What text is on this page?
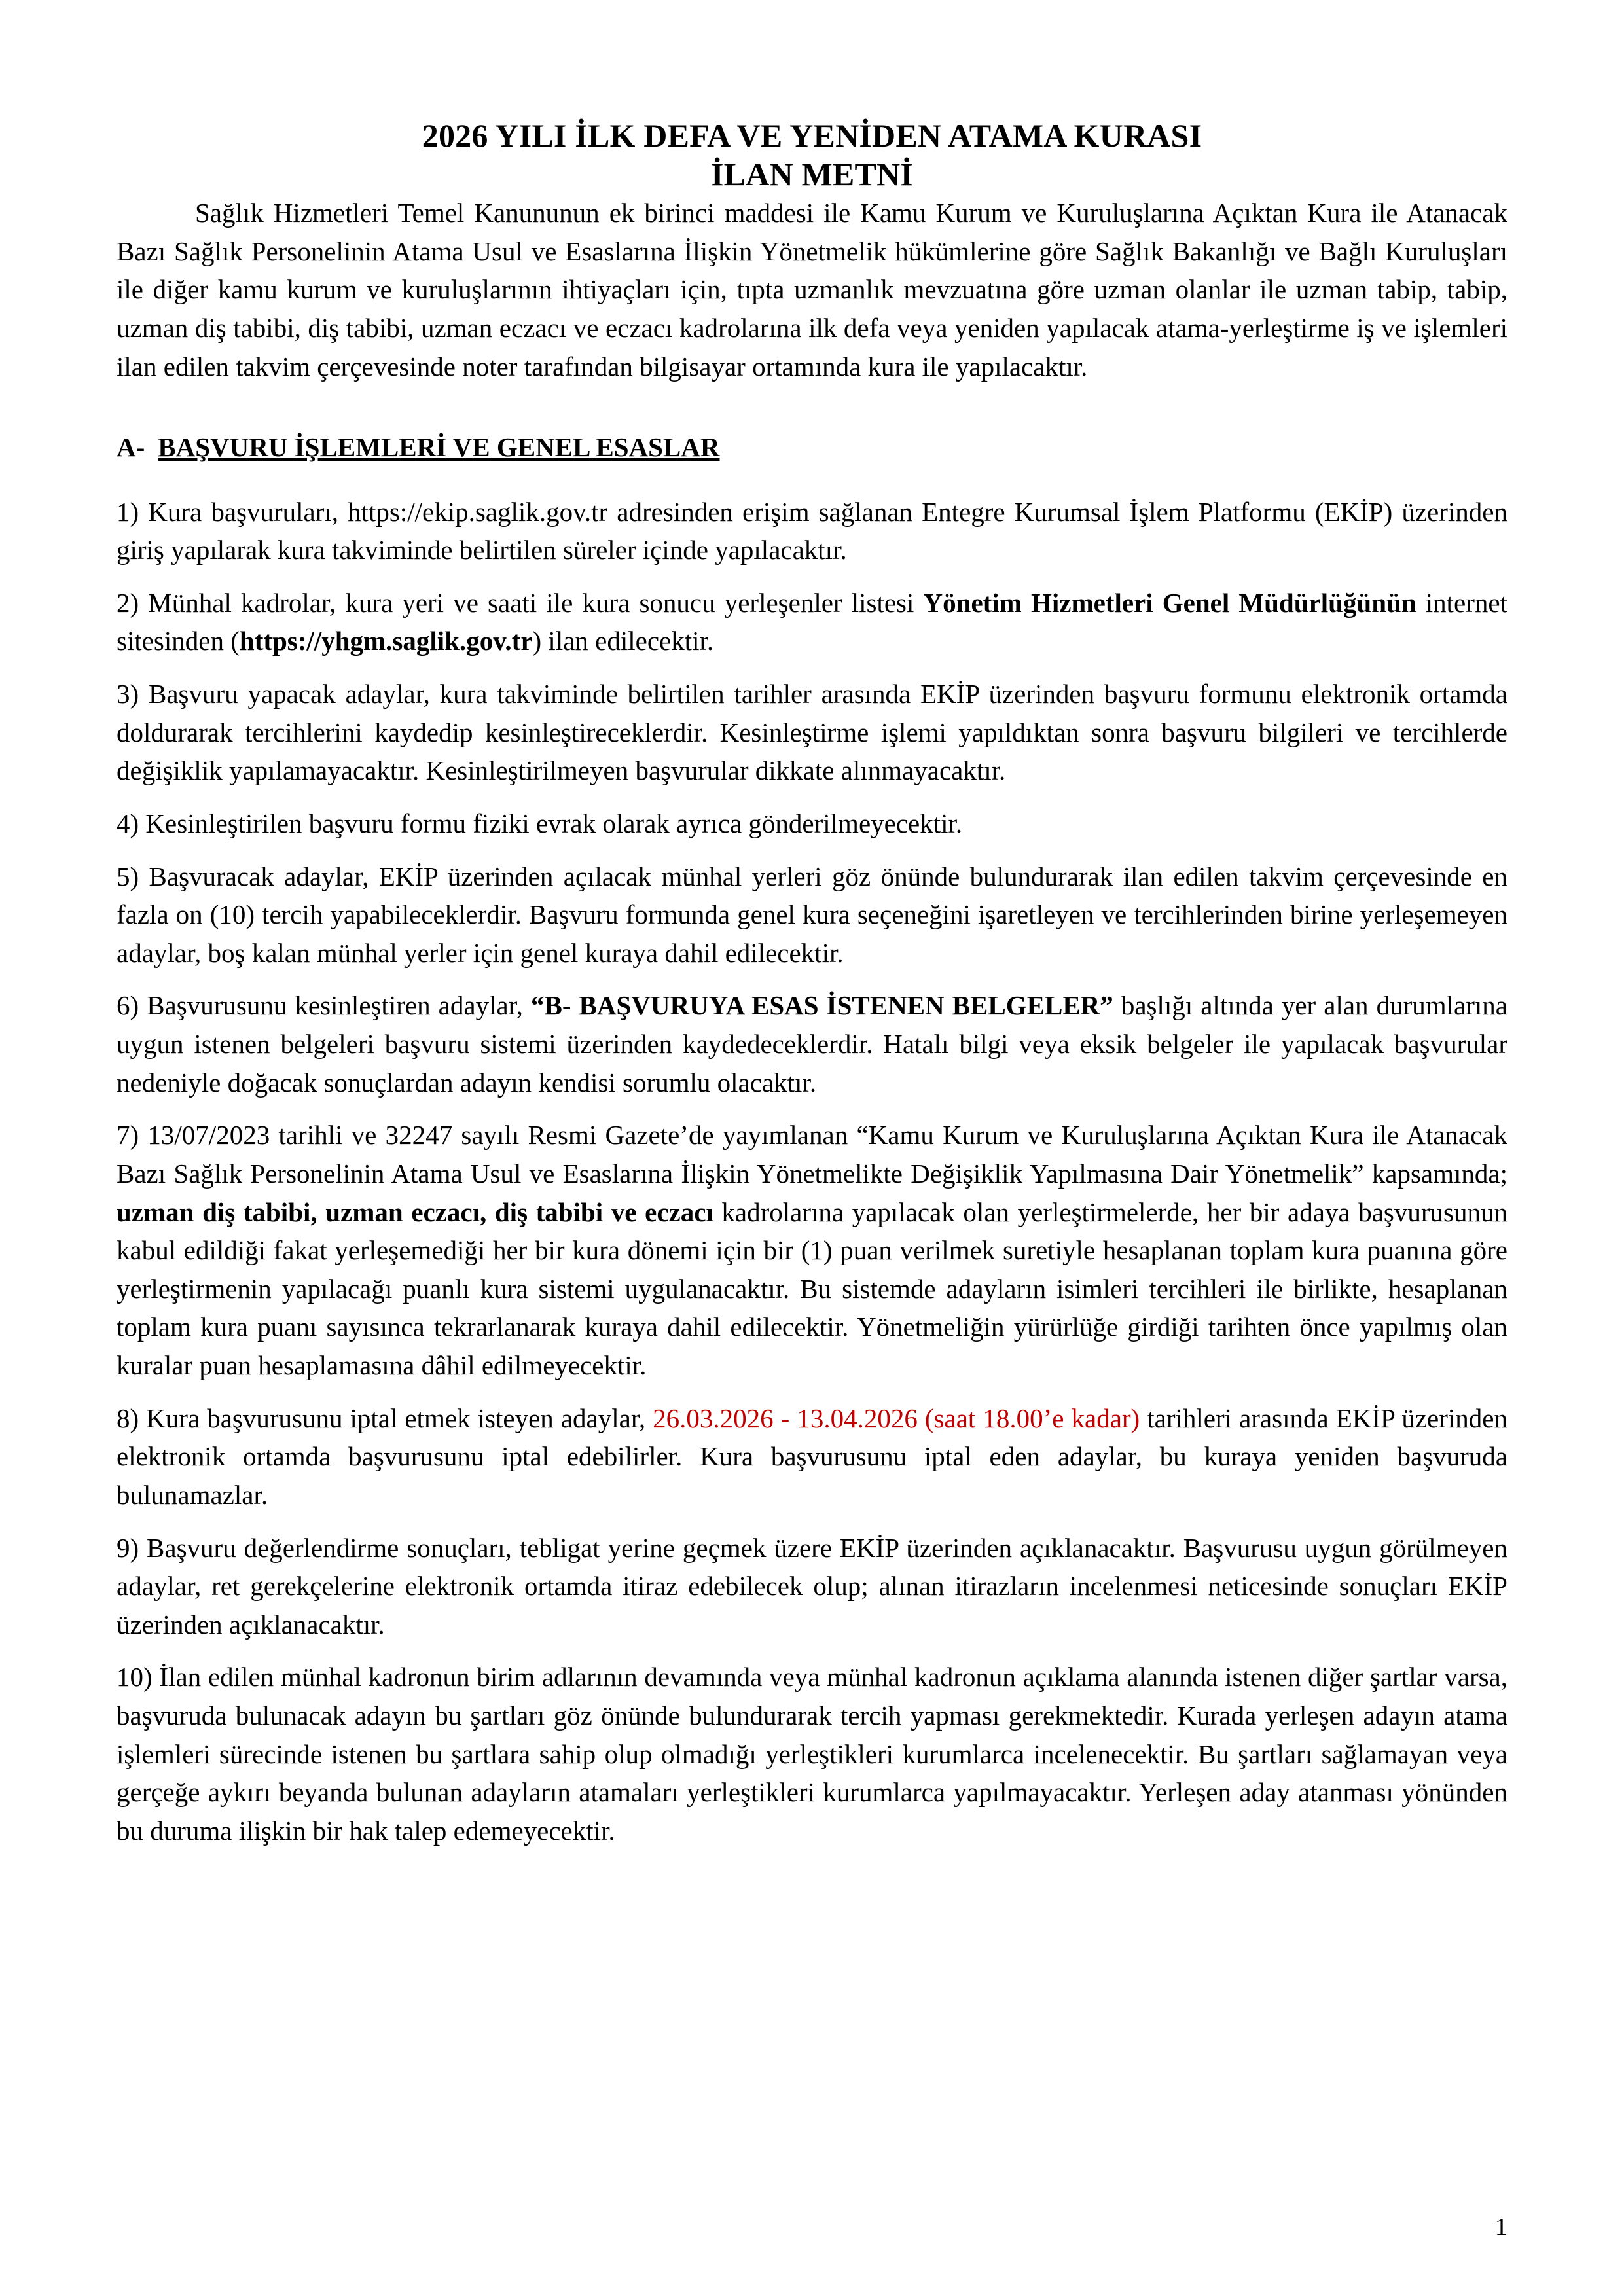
2026 YILI İLK DEFA VE YENİDEN ATAMA KURASI
İLAN METNİ

Sağlık Hizmetleri Temel Kanununun ek birinci maddesi ile Kamu Kurum ve Kuruluşlarına Açıktan Kura ile Atanacak Bazı Sağlık Personelinin Atama Usul ve Esaslarına İlişkin Yönetmelik hükümlerine göre Sağlık Bakanlığı ve Bağlı Kuruluşları ile diğer kamu kurum ve kuruluşlarının ihtiyaçları için, tıpta uzmanlık mevzuatına göre uzman olanlar ile uzman tabip, tabip, uzman diş tabibi, diş tabibi, uzman eczacı ve eczacı kadrolarına ilk defa veya yeniden yapılacak atama-yerleştirme iş ve işlemleri ilan edilen takvim çerçevesinde noter tarafından bilgisayar ortamında kura ile yapılacaktır.

A- BAŞVURU İŞLEMLERİ VE GENEL ESASLAR

1) Kura başvuruları, https://ekip.saglik.gov.tr adresinden erişim sağlanan Entegre Kurumsal İşlem Platformu (EKİP) üzerinden giriş yapılarak kura takviminde belirtilen süreler içinde yapılacaktır.

2) Münhal kadrolar, kura yeri ve saati ile kura sonucu yerleşenler listesi Yönetim Hizmetleri Genel Müdürlüğünün internet sitesinden (https://yhgm.saglik.gov.tr) ilan edilecektir.

3) Başvuru yapacak adaylar, kura takviminde belirtilen tarihler arasında EKİP üzerinden başvuru formunu elektronik ortamda doldurarak tercihlerini kaydedip kesinleştireceklerdir. Kesinleştirme işlemi yapıldıktan sonra başvuru bilgileri ve tercihlerde değişiklik yapılamayacaktır. Kesinleştirilmeyen başvurular dikkate alınmayacaktır.

4) Kesinleştirilen başvuru formu fiziki evrak olarak ayrıca gönderilmeyecektir.

5) Başvuracak adaylar, EKİP üzerinden açılacak münhal yerleri göz önünde bulundurarak ilan edilen takvim çerçevesinde en fazla on (10) tercih yapabileceklerdir. Başvuru formunda genel kura seçeneğini işaretleyen ve tercihlerinden birine yerleşemeyen adaylar, boş kalan münhal yerler için genel kuraya dahil edilecektir.

6) Başvurusunu kesinleştiren adaylar, “B- BAŞVURUYA ESAS İSTENEN BELGELER” başlığı altında yer alan durumlarına uygun istenen belgeleri başvuru sistemi üzerinden kaydedeceklerdir. Hatalı bilgi veya eksik belgeler ile yapılacak başvurular nedeniyle doğacak sonuçlardan adayın kendisi sorumlu olacaktır.

7) 13/07/2023 tarihli ve 32247 sayılı Resmi Gazete’de yayımlanan “Kamu Kurum ve Kuruluşlarına Açıktan Kura ile Atanacak Bazı Sağlık Personelinin Atama Usul ve Esaslarına İlişkin Yönetmelikte Değişiklik Yapılmasına Dair Yönetmelik” kapsamında; uzman diş tabibi, uzman eczacı, diş tabibi ve eczacı kadrolarına yapılacak olan yerleştirmelerde, her bir adaya başvurusunun kabul edildiği fakat yerleşemediği her bir kura dönemi için bir (1) puan verilmek suretiyle hesaplanan toplam kura puanına göre yerleştirmenin yapılacağı puanlı kura sistemi uygulanacaktır. Bu sistemde adayların isimleri tercihleri ile birlikte, hesaplanan toplam kura puanı sayısınca tekrarlanarak kuraya dahil edilecektir. Yönetmeliğin yürürlüğe girdiği tarihten önce yapılmış olan kuralar puan hesaplamasına dâhil edilmeyecektir.

8) Kura başvurusunu iptal etmek isteyen adaylar, 26.03.2026 - 13.04.2026 (saat 18.00’e kadar) tarihleri arasında EKİP üzerinden elektronik ortamda başvurusunu iptal edebilirler. Kura başvurusunu iptal eden adaylar, bu kuraya yeniden başvuruda bulunamazlar.

9) Başvuru değerlendirme sonuçları, tebligat yerine geçmek üzere EKİP üzerinden açıklanacaktır. Başvurusu uygun görülmeyen adaylar, ret gerekçelerine elektronik ortamda itiraz edebilecek olup; alınan itirazların incelenmesi neticesinde sonuçları EKİP üzerinden açıklanacaktır.

10) İlan edilen münhal kadronun birim adlarının devamında veya münhal kadronun açıklama alanında istenen diğer şartlar varsa, başvuruda bulunacak adayın bu şartları göz önünde bulundurarak tercih yapması gerekmektedir. Kurada yerleşen adayın atama işlemleri sürecinde istenen bu şartlara sahip olup olmadığı yerleştikleri kurumlarca incelenecektir. Bu şartları sağlamayan veya gerçeğe aykırı beyanda bulunan adayların atamaları yerleştikleri kurumlarca yapılmayacaktır. Yerleşen aday atanması yönünden bu duruma ilişkin bir hak talep edemeyecektir.

1
